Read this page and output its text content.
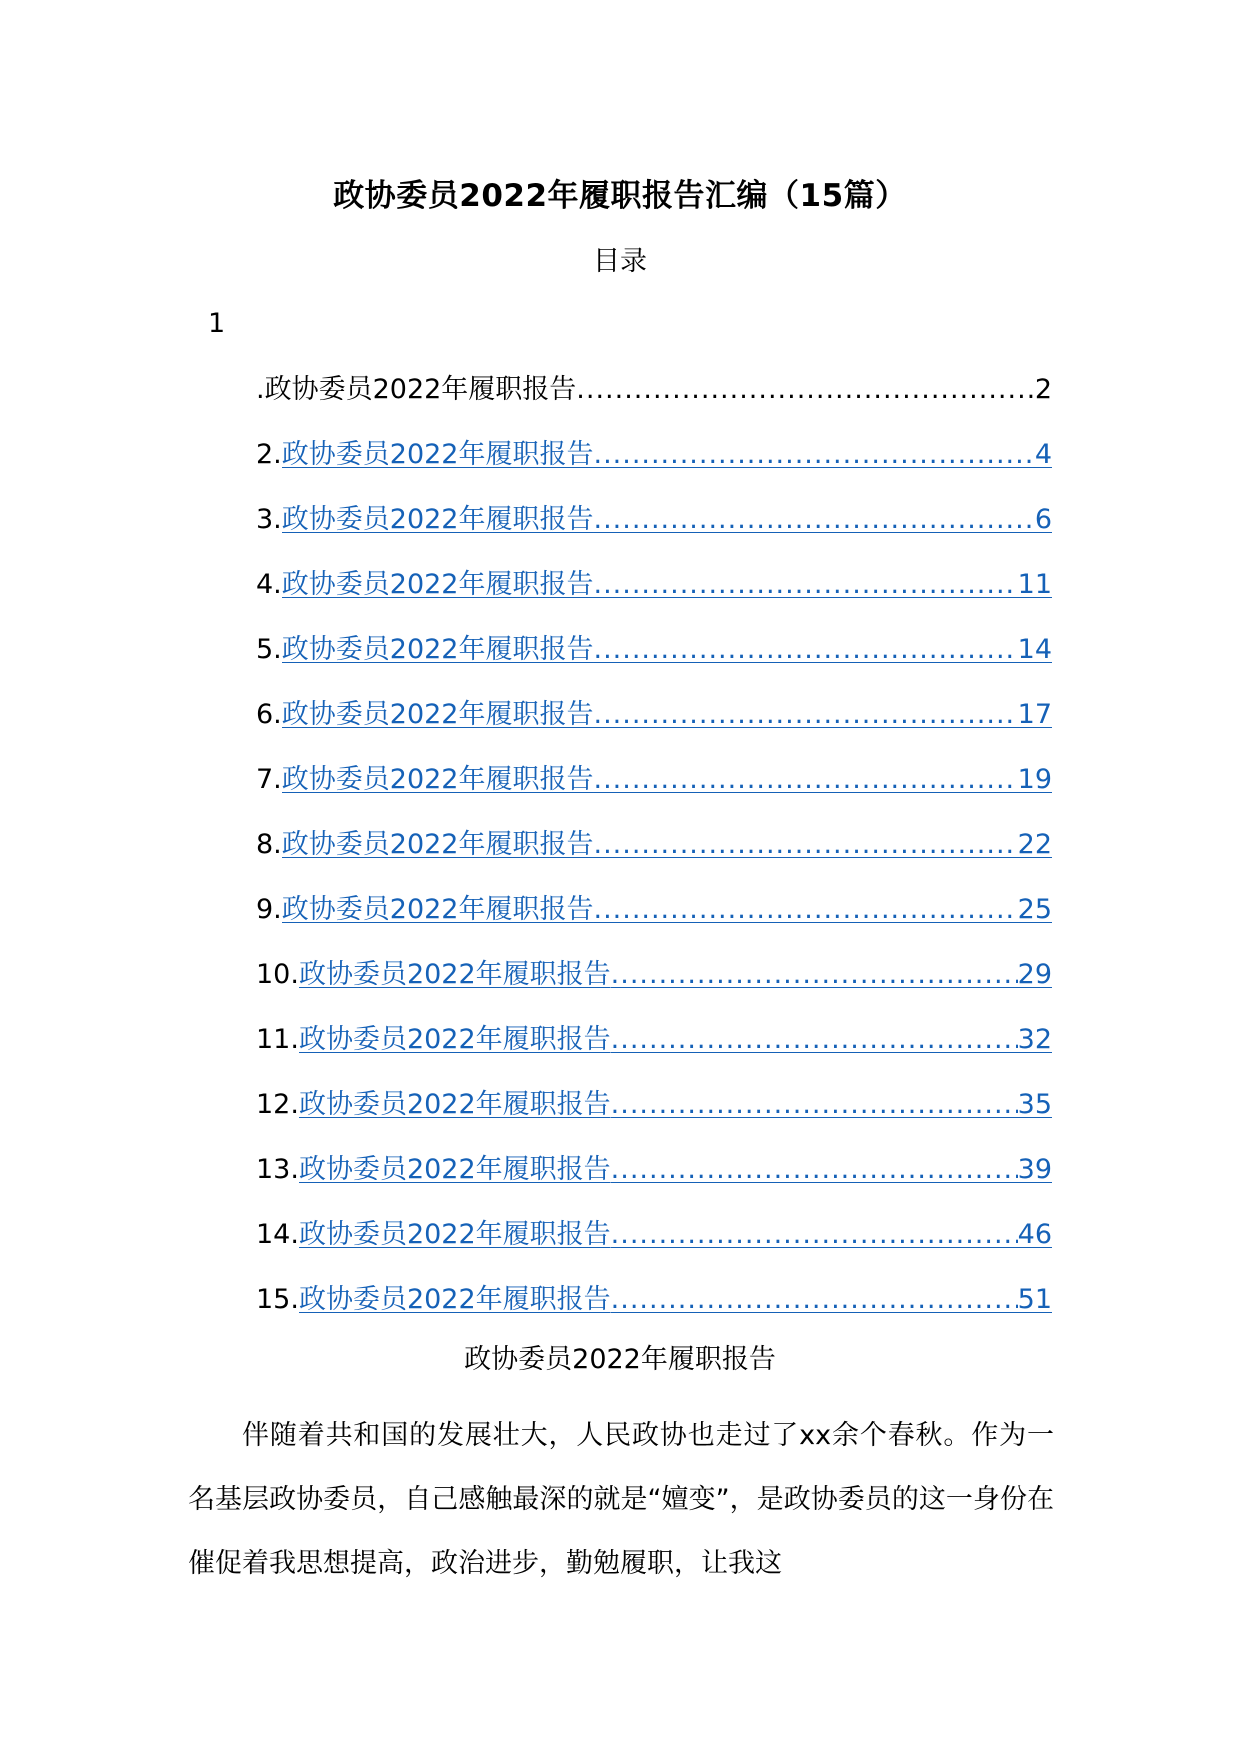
政协委员2022年履职报告汇编（15篇）
目录
1
.政协委员2022年履职报告 .....	2
2. 政协委员2022年履职报告 .....	4
3. 政协委员2022年履职报告 .....	6
4. 政协委员2022年履职报告 .....	11
5. 政协委员2022年履职报告 .....	14
6. 政协委员2022年履职报告 .....	17
7. 政协委员2022年履职报告 .....	19
8. 政协委员2022年履职报告 .....	22
9. 政协委员2022年履职报告 .....	25
10. 政协委员2022年履职报告 .....	29
11. 政协委员2022年履职报告 .....	32
12. 政协委员2022年履职报告 .....	35
13. 政协委员2022年履职报告 .....	39
14. 政协委员2022年履职报告 .....	46
15. 政协委员2022年履职报告 .....	51
政协委员2022年履职报告
伴随着共和国的发展壮大，人民政协也走过了xx余个春秋。作为一名基层政协委员，自己感触最深的就是“嬗变”，是政协委员的这一身份在催促着我思想提高，政治进步，勤勉履职，让我这
